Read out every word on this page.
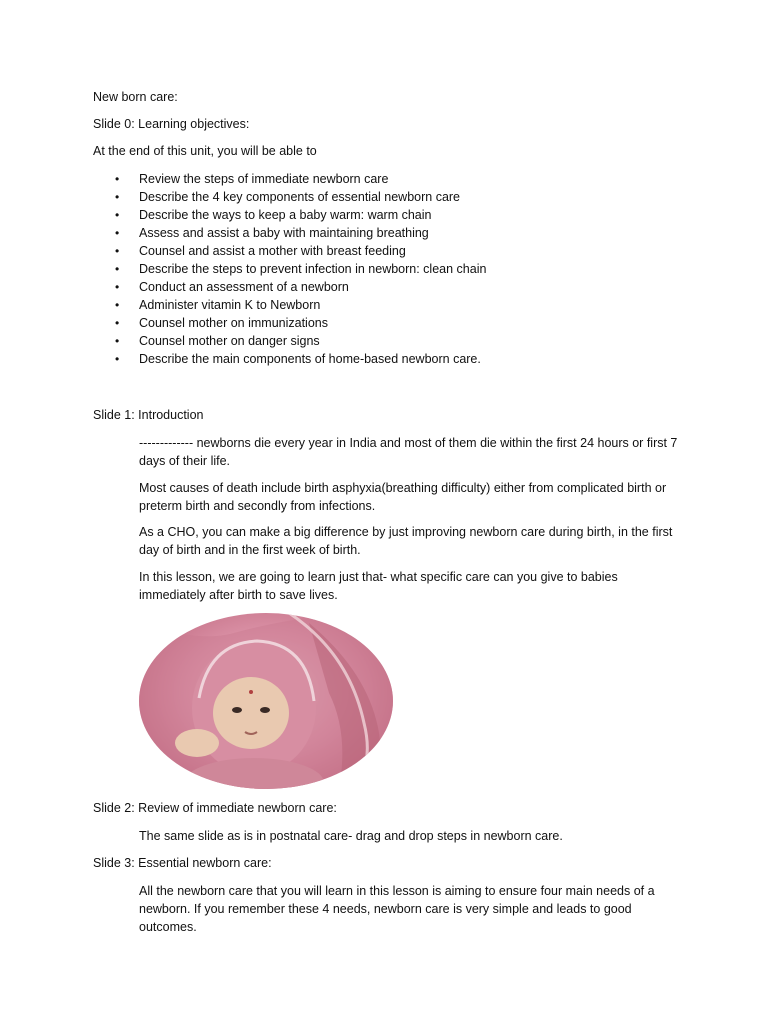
New born care:

Slide 0: Learning objectives:

At the end of this unit, you will be able to

• Review the steps of immediate newborn care
• Describe the 4 key components of essential newborn care
• Describe the ways to keep a baby warm: warm chain
• Assess and assist a baby with maintaining breathing
• Counsel and assist a mother with breast feeding
• Describe the steps to prevent infection in newborn: clean chain
• Conduct an assessment of a newborn
• Administer vitamin K to Newborn
• Counsel mother on immunizations
• Counsel mother on danger signs
• Describe the main components of home-based newborn care.

Slide 1: Introduction

------------- newborns die every year in India and most of them die within the first 24 hours or first 7 days of their life.

Most causes of death include birth asphyxia(breathing difficulty) either from complicated birth or preterm birth and secondly from infections.

As a CHO, you can make a big difference by just improving newborn care during birth, in the first day of birth and in the first week of birth.

In this lesson, we are going to learn just that- what specific care can you give to babies immediately after birth to save lives.

Slide 2: Review of immediate newborn care:

The same slide as is in postnatal care- drag and drop steps in newborn care.

Slide 3: Essential newborn care:

All the newborn care that you will learn in this lesson is aiming to ensure four main needs of a newborn. If you remember these 4 needs, newborn care is very simple and leads to good outcomes.
